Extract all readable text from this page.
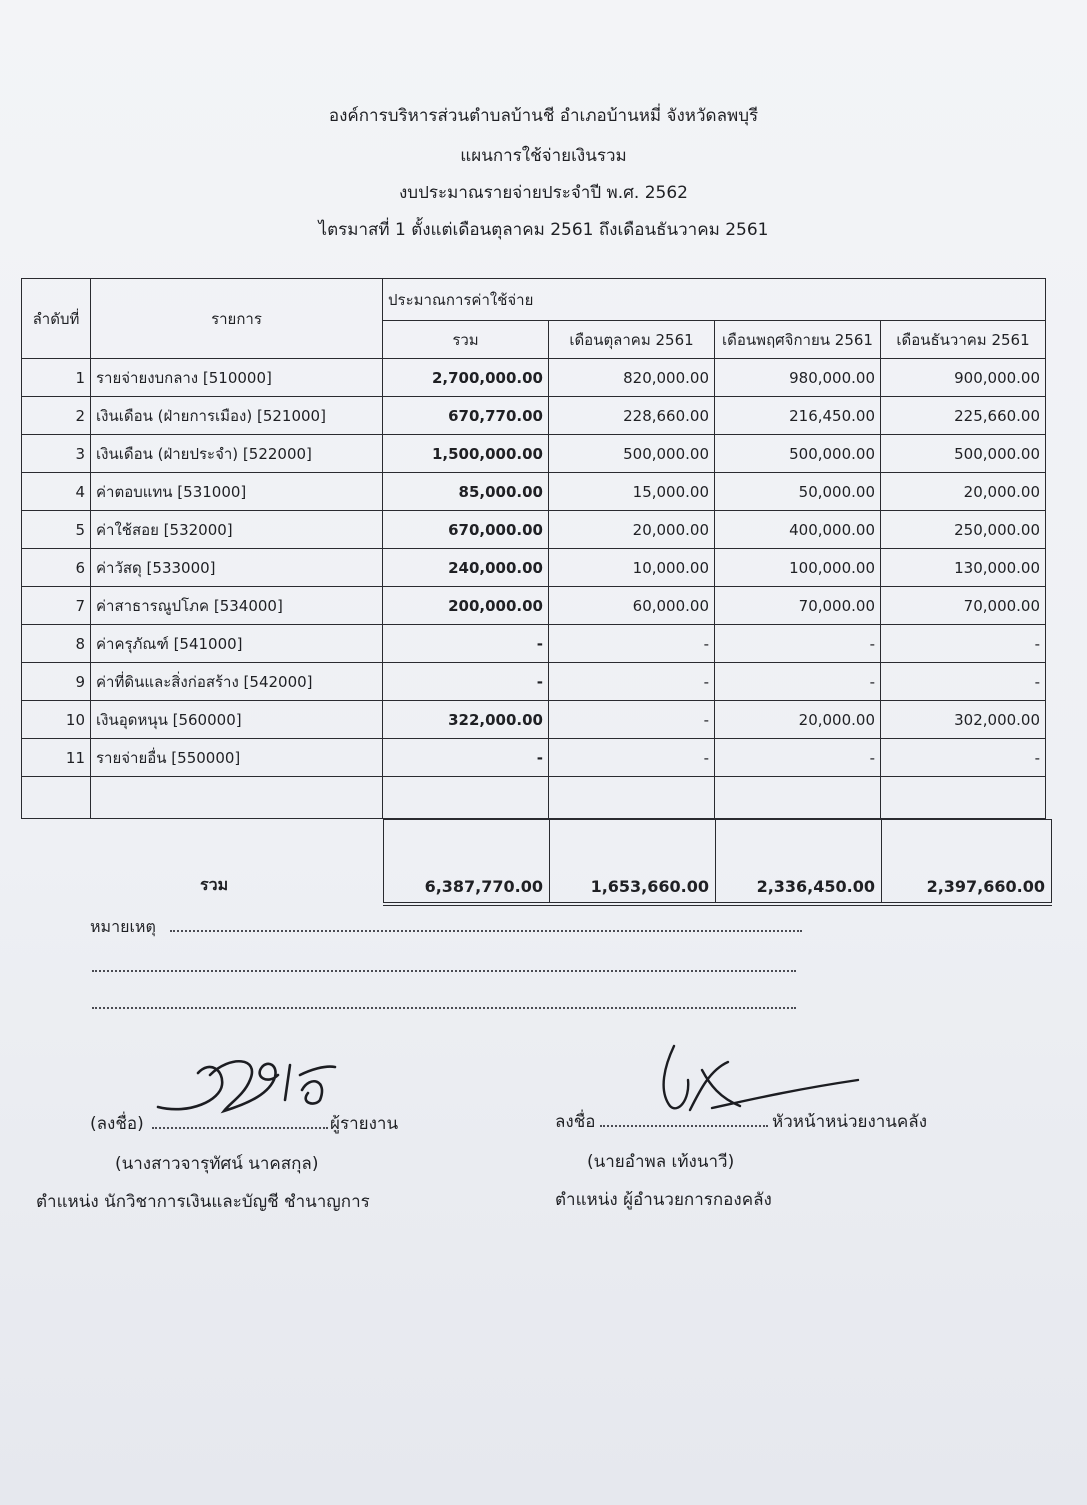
องค์การบริหารส่วนตำบลบ้านชี อำเภอบ้านหมี่ จังหวัดลพบุรี
แผนการใช้จ่ายเงินรวม
งบประมาณรายจ่ายประจำปี พ.ศ. 2562
ไตรมาสที่ 1 ตั้งแต่เดือนตุลาคม 2561 ถึงเดือนธันวาคม 2561
ลำดับที่	รายการ	ประมาณการค่าใช้จ่าย			
		รวม	เดือนตุลาคม 2561	เดือนพฤศจิกายน 2561	เดือนธันวาคม 2561
1	รายจ่ายงบกลาง [510000]	2,700,000.00	820,000.00	980,000.00	900,000.00
2	เงินเดือน (ฝ่ายการเมือง) [521000]	670,770.00	228,660.00	216,450.00	225,660.00
3	เงินเดือน (ฝ่ายประจำ) [522000]	1,500,000.00	500,000.00	500,000.00	500,000.00
4	ค่าตอบแทน [531000]	85,000.00	15,000.00	50,000.00	20,000.00
5	ค่าใช้สอย [532000]	670,000.00	20,000.00	400,000.00	250,000.00
6	ค่าวัสดุ [533000]	240,000.00	10,000.00	100,000.00	130,000.00
7	ค่าสาธารณูปโภค [534000]	200,000.00	60,000.00	70,000.00	70,000.00
8	ค่าครุภัณฑ์ [541000]	-	-	-	-
9	ค่าที่ดินและสิ่งก่อสร้าง [542000]	-	-	-	-
10	เงินอุดหนุน [560000]	322,000.00	-	20,000.00	302,000.00
11	รายจ่ายอื่น [550000]	-	-	-	-

รวม	6,387,770.00	1,653,660.00	2,336,450.00	2,397,660.00
หมายเหตุ
(ลงชื่อ)	ผู้รายงาน
(นางสาวจารุทัศน์ นาคสกุล)
ตำแหน่ง นักวิชาการเงินและบัญชี ชำนาญการ
ลงชื่อ	หัวหน้าหน่วยงานคลัง
(นายอำพล เท้งนาวี)
ตำแหน่ง ผู้อำนวยการกองคลัง
